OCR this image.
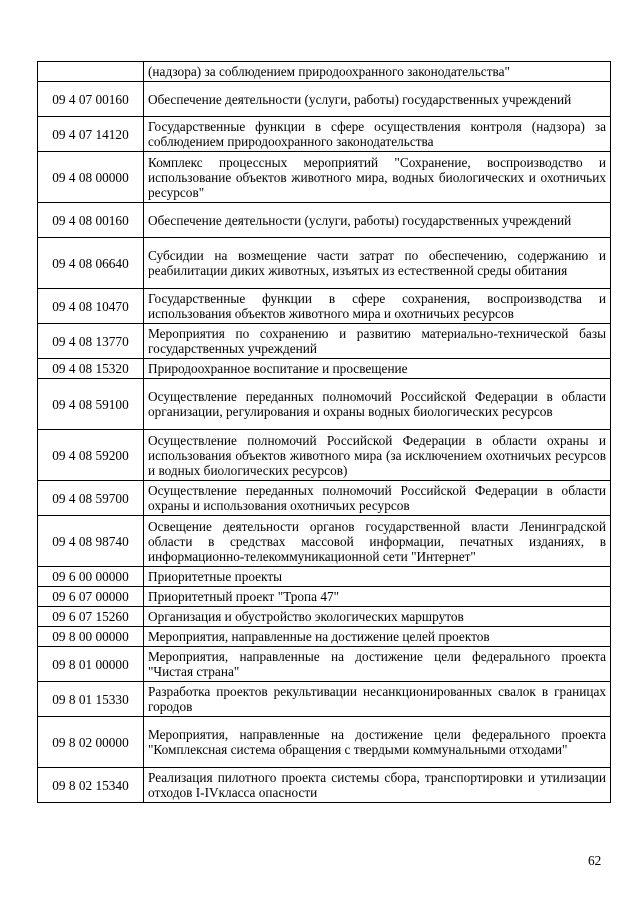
	(надзора) за соблюдением природоохранного законодательства"
09 4 07 00160	Обеспечение деятельности (услуги, работы) государственных учреждений
09 4 07 14120	Государственные функции в сфере осуществления контроля (надзора) за соблюдением природоохранного законодательства
09 4 08 00000	Комплекс процессных мероприятий "Сохранение, воспроизводство и использование объектов животного мира, водных биологических и охотничьих ресурсов"
09 4 08 00160	Обеспечение деятельности (услуги, работы) государственных учреждений
09 4 08 06640	Субсидии на возмещение части затрат по обеспечению, содержанию и реабилитации диких животных, изъятых из естественной среды обитания
09 4 08 10470	Государственные функции в сфере сохранения, воспроизводства и использования объектов животного мира и охотничьих ресурсов
09 4 08 13770	Мероприятия по сохранению и развитию материально-технической базы государственных учреждений
09 4 08 15320	Природоохранное воспитание и просвещение
09 4 08 59100	Осуществление переданных полномочий Российской Федерации в области организации, регулирования и охраны водных биологических ресурсов
09 4 08 59200	Осуществление полномочий Российской Федерации в области охраны и использования объектов животного мира (за исключением охотничьих ресурсов и водных биологических ресурсов)
09 4 08 59700	Осуществление переданных полномочий Российской Федерации в области охраны и использования охотничьих ресурсов
09 4 08 98740	Освещение деятельности органов государственной власти Ленинградской области в средствах массовой информации, печатных изданиях, в информационно-телекоммуникационной сети "Интернет"
09 6 00 00000	Приоритетные проекты
09 6 07 00000	Приоритетный проект "Тропа 47"
09 6 07 15260	Организация и обустройство экологических маршрутов
09 8 00 00000	Мероприятия, направленные на достижение целей проектов
09 8 01 00000	Мероприятия, направленные на достижение цели федерального проекта "Чистая страна"
09 8 01 15330	Разработка проектов рекультивации несанкционированных свалок в границах городов
09 8 02 00000	Мероприятия, направленные на достижение цели федерального проекта "Комплексная система обращения с твердыми коммунальными отходами"
09 8 02 15340	Реализация пилотного проекта системы сбора, транспортировки и утилизации отходов I-IVкласса опасности
62
